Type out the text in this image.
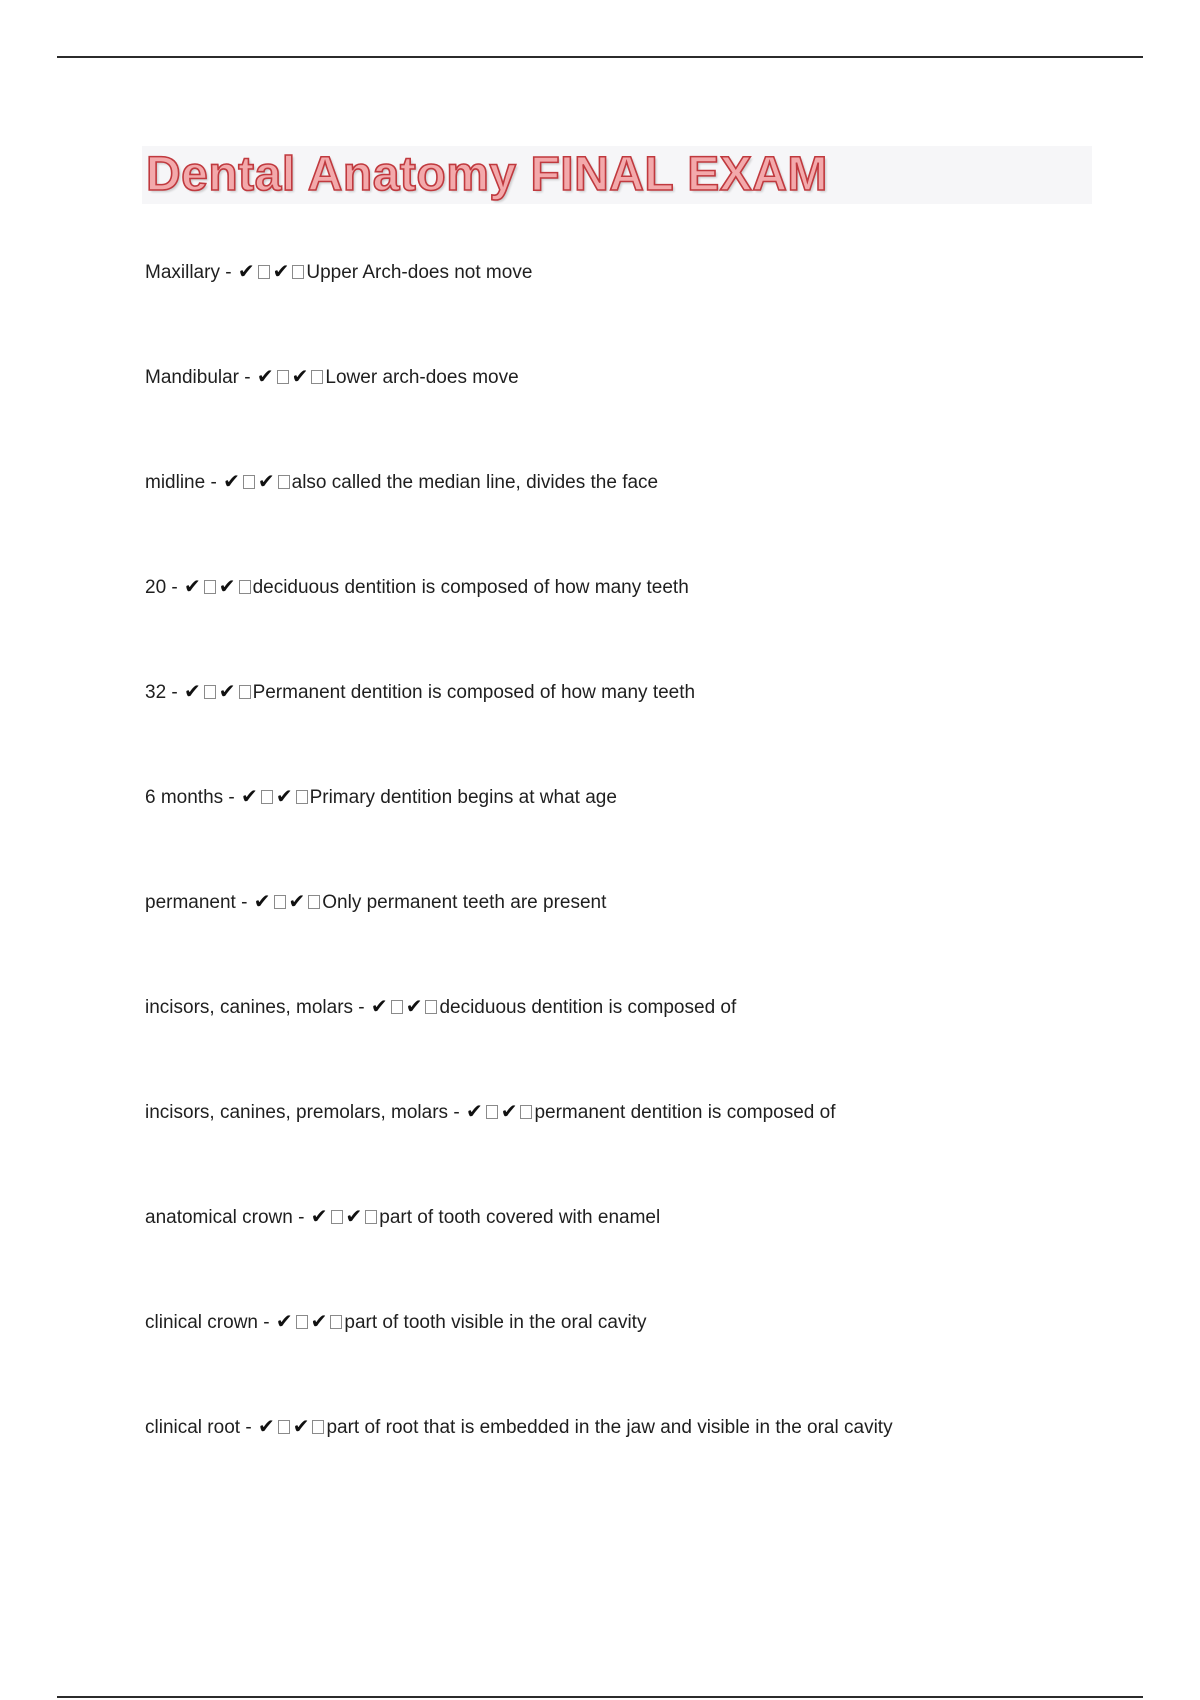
Dental Anatomy FINAL EXAM

Maxillary - ✔ ✔ Upper Arch-does not move

Mandibular - ✔ ✔ Lower arch-does move

midline - ✔ ✔ also called the median line, divides the face

20 - ✔ ✔ deciduous dentition is composed of how many teeth

32 - ✔ ✔ Permanent dentition is composed of how many teeth

6 months - ✔ ✔ Primary dentition begins at what age

permanent - ✔ ✔ Only permanent teeth are present

incisors, canines, molars - ✔ ✔ deciduous dentition is composed of

incisors, canines, premolars, molars - ✔ ✔ permanent dentition is composed of

anatomical crown - ✔ ✔ part of tooth covered with enamel

clinical crown - ✔ ✔ part of tooth visible in the oral cavity

clinical root - ✔ ✔ part of root that is embedded in the jaw and visible in the oral cavity
